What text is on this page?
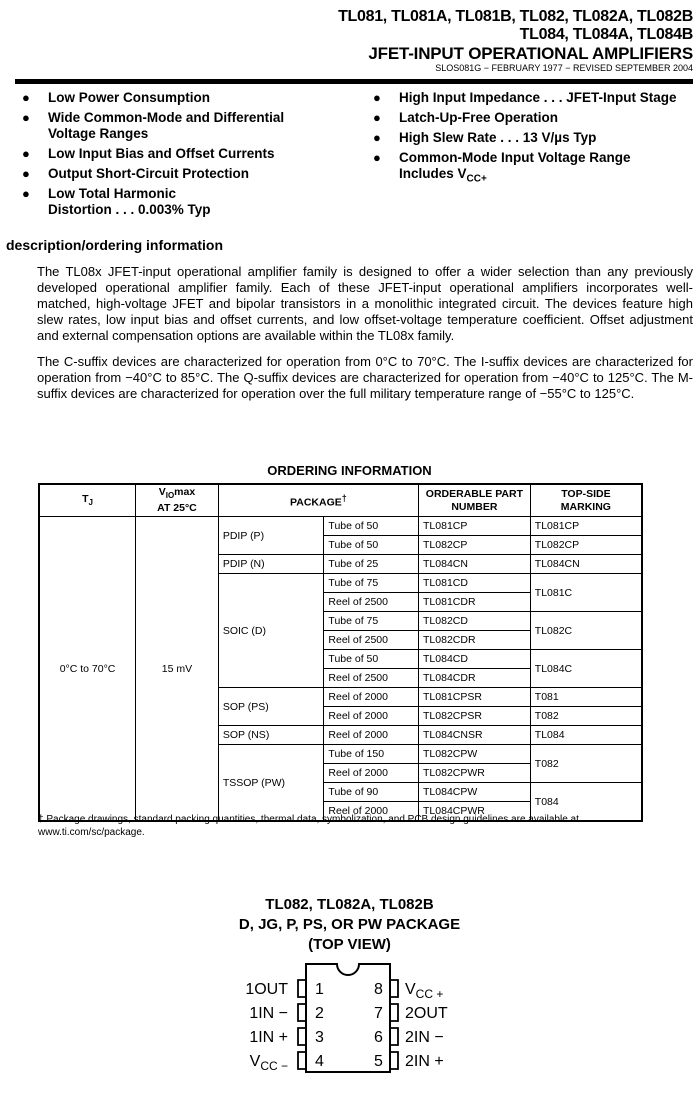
TL081, TL081A, TL081B, TL082, TL082A, TL082B
TL084, TL084A, TL084B
JFET-INPUT OPERATIONAL AMPLIFIERS
SLOS081G − FEBRUARY 1977 − REVISED SEPTEMBER 2004
● Low Power Consumption
● Wide Common-Mode and Differential Voltage Ranges
● Low Input Bias and Offset Currents
● Output Short-Circuit Protection
● Low Total Harmonic Distortion . . . 0.003% Typ
● High Input Impedance . . . JFET-Input Stage
● Latch-Up-Free Operation
● High Slew Rate . . . 13 V/µs Typ
● Common-Mode Input Voltage Range Includes $V_{CC+}$
description/ordering information
The TL08x JFET-input operational amplifier family is designed to offer a wider selection than any previously developed operational amplifier family. Each of these JFET-input operational amplifiers incorporates well-matched, high-voltage JFET and bipolar transistors in a monolithic integrated circuit. The devices feature high slew rates, low input bias and offset currents, and low offset-voltage temperature coefficient. Offset adjustment and external compensation options are available within the TL08x family.
The C-suffix devices are characterized for operation from 0°C to 70°C. The I-suffix devices are characterized for operation from −40°C to 85°C. The Q-suffix devices are characterized for operation from −40°C to 125°C. The M-suffix devices are characterized for operation over the full military temperature range of −55°C to 125°C.
ORDERING INFORMATION
$T_J$	$V_{IO}\max$
AT 25°C	PACKAGE†		ORDERABLE PART NUMBER	TOP-SIDE MARKING
0°C to 70°C	15 mV	PDIP (P)	Tube of 50	TL081CP	TL081CP
			Tube of 50	TL082CP	TL082CP
		PDIP (N)	Tube of 25	TL084CN	TL084CN
		SOIC (D)	Tube of 75	TL081CD	TL081C
			Reel of 2500	TL081CDR	
			Tube of 75	TL082CD	TL082C
			Reel of 2500	TL082CDR	
			Tube of 50	TL084CD	TL084C
			Reel of 2500	TL084CDR	
		SOP (PS)	Reel of 2000	TL081CPSR	T081
			Reel of 2000	TL082CPSR	T082
		SOP (NS)	Reel of 2000	TL084CNSR	TL084
		TSSOP (PW)	Tube of 150	TL082CPW	T082
			Reel of 2000	TL082CPWR	
			Tube of 90	TL084CPW	T084
			Reel of 2000	TL084CPWR	
† Package drawings, standard packing quantities, thermal data, symbolization, and PCB design guidelines are available at www.ti.com/sc/package.
TL082, TL082A, TL082B
D, JG, P, PS, OR PW PACKAGE
(TOP VIEW)
1
2
3
4
8
7
6
5
1OUT
1IN −
1IN +
$V_{CC -}$
$V_{CC +}$
2OUT
2IN −
2IN +
